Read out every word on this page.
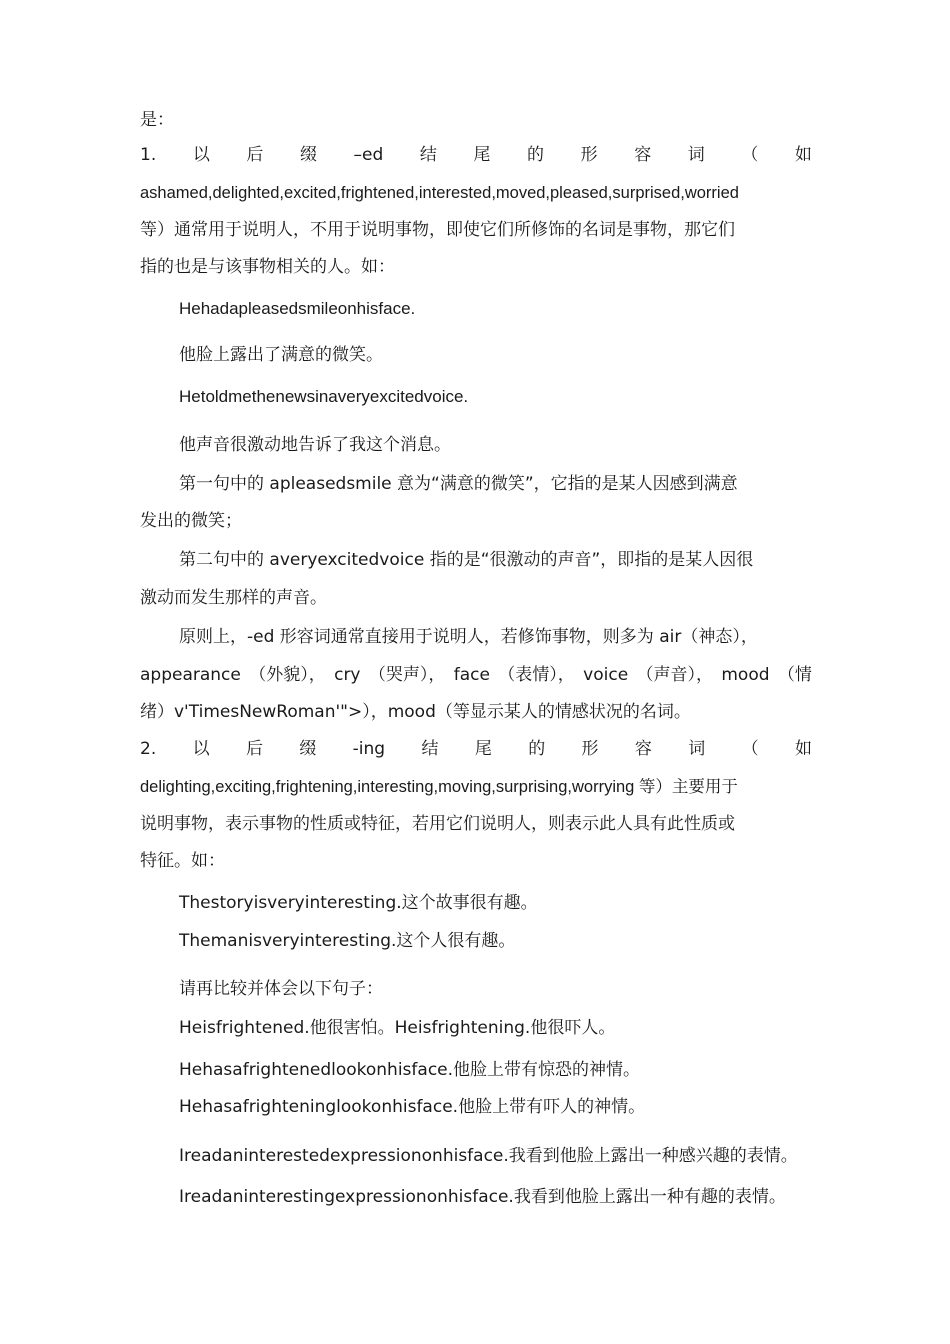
是：
1. 以 后 缀 –ed 结 尾 的 形 容 词 （ 如
ashamed,delighted,excited,frightened,interested,moved,pleased,surprised,worried
等）通常用于说明人，不用于说明事物，即使它们所修饰的名词是事物，那它们
指的也是与该事物相关的人。如：
Hehadapleasedsmileonhisface.
他脸上露出了满意的微笑。
Hetoldmethenewsinaveryexcitedvoice.
他声音很激动地告诉了我这个消息。
第一句中的 apleasedsmile 意为“满意的微笑”，它指的是某人因感到满意
发出的微笑；
第二句中的 averyexcitedvoice 指的是“很激动的声音”，即指的是某人因很
激动而发生那样的声音。
原则上，-ed 形容词通常直接用于说明人，若修饰事物，则多为 air（神态），
appearance （外貌）， cry （哭声）， face （表情）， voice （声音）， mood （情
绪）v'TimesNewRoman'">），mood（等显示某人的情感状况的名词。
2. 以 后 缀 -ing 结 尾 的 形 容 词 （ 如
delighting,exciting,frightening,interesting,moving,surprising,worrying 等）主要用于
说明事物，表示事物的性质或特征，若用它们说明人，则表示此人具有此性质或
特征。如：
Thestoryisveryinteresting.这个故事很有趣。
Themanisveryinteresting.这个人很有趣。
请再比较并体会以下句子：
Heisfrightened.他很害怕。Heisfrightening.他很吓人。
Hehasafrightenedlookonhisface.他脸上带有惊恐的神情。
Hehasafrighteninglookonhisface.他脸上带有吓人的神情。
Ireadaninterestedexpressiononhisface.我看到他脸上露出一种感兴趣的表情。
Ireadaninterestingexpressiononhisface.我看到他脸上露出一种有趣的表情。
